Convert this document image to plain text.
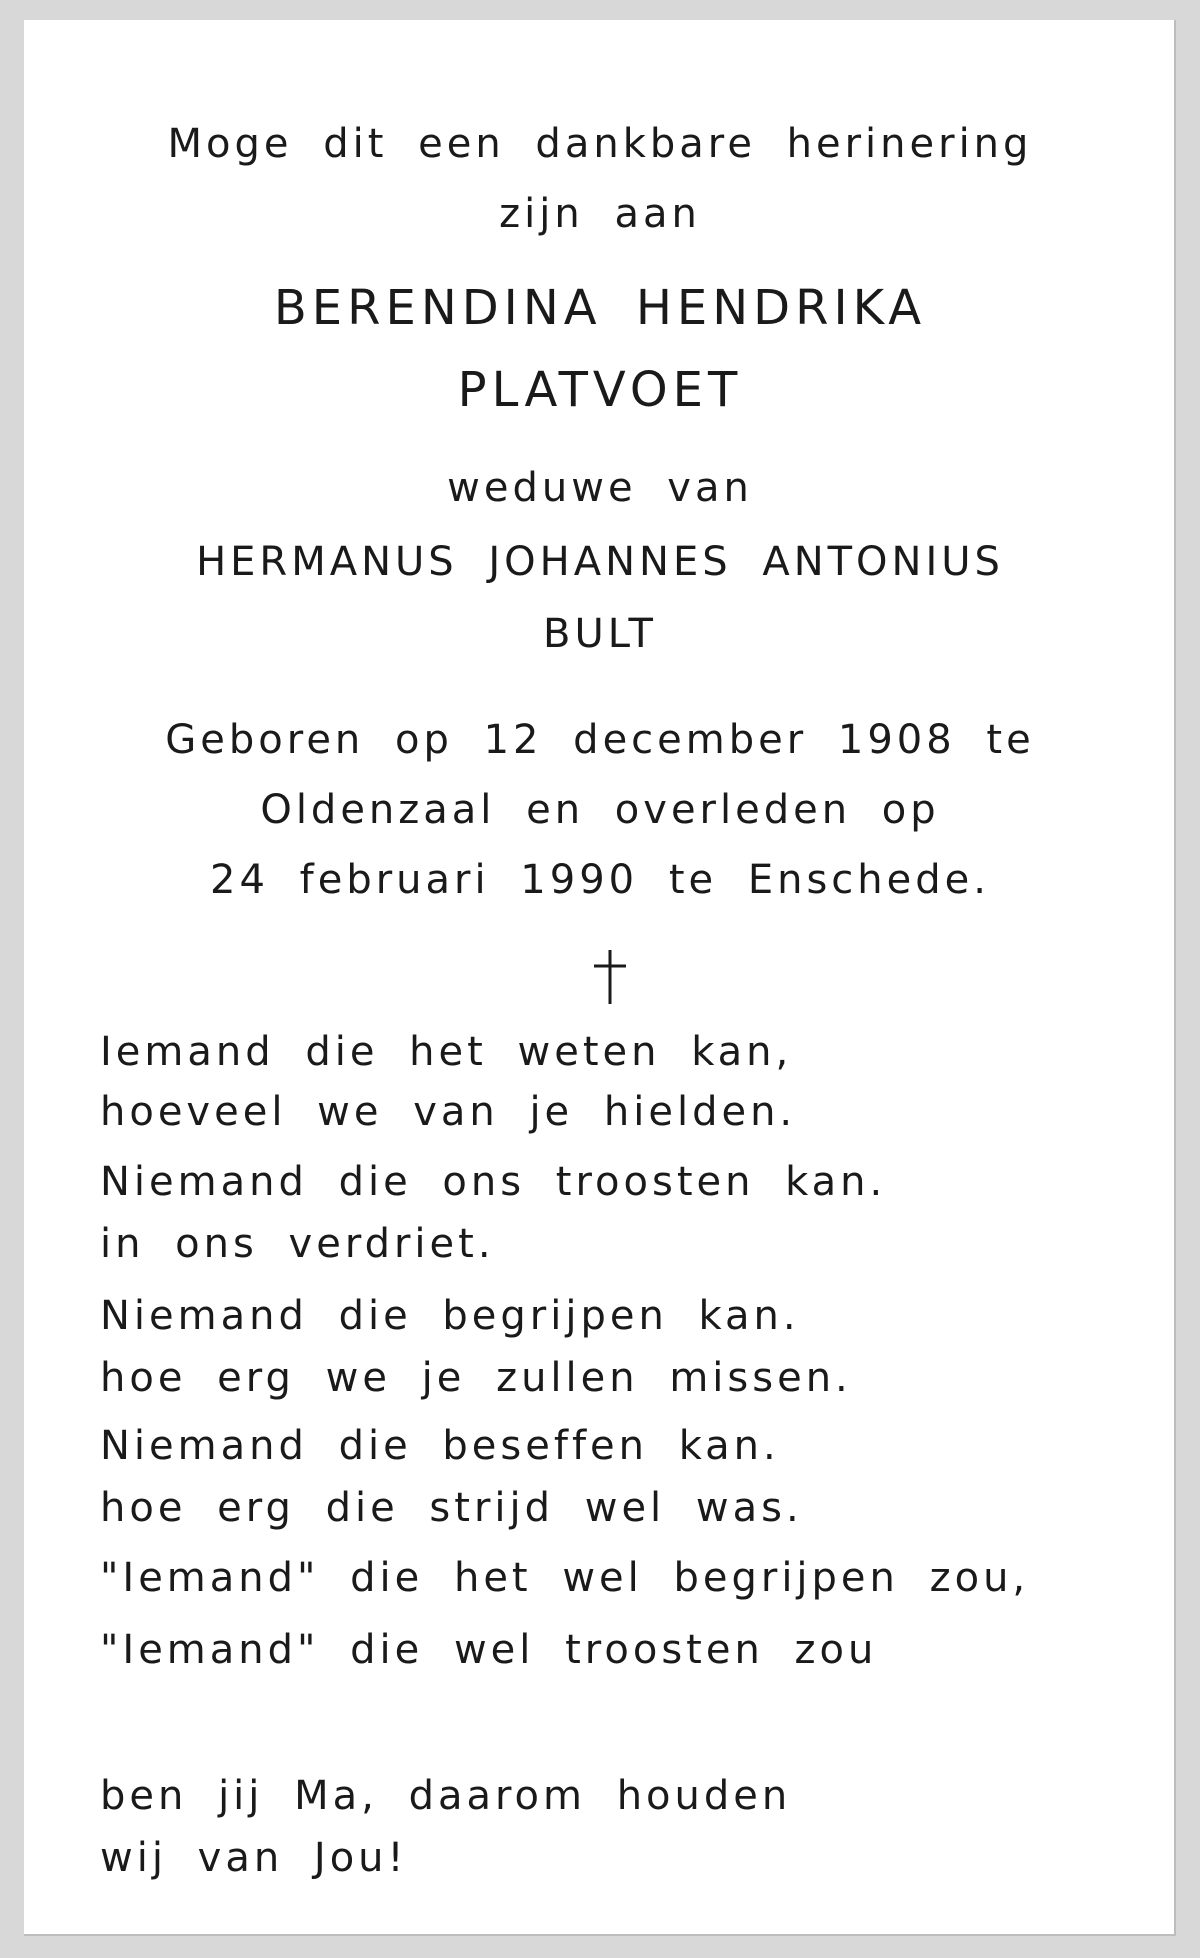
Moge dit een dankbare herinering
zijn aan
BERENDINA HENDRIKA
PLATVOET
weduwe van
HERMANUS JOHANNES ANTONIUS
BULT
Geboren op 12 december 1908 te
Oldenzaal en overleden op
24 februari 1990 te Enschede.
Iemand die het weten kan,
hoeveel we van je hielden.
Niemand die ons troosten kan.
in ons verdriet.
Niemand die begrijpen kan.
hoe erg we je zullen missen.
Niemand die beseffen kan.
hoe erg die strijd wel was.
"Iemand" die het wel begrijpen zou,
"Iemand" die wel troosten zou
ben jij Ma, daarom houden
wij van Jou!
